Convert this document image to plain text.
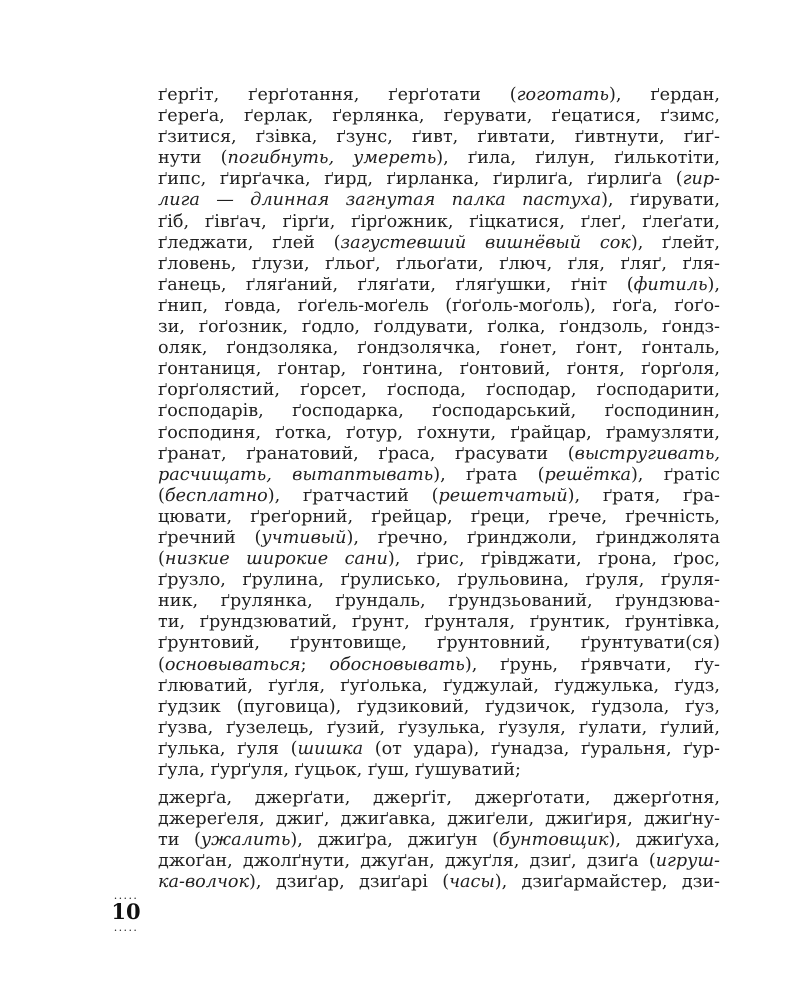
ґерґіт, ґерґотання, ґерґотати (гоготать), ґердан,
ґереґа, ґерлак, ґерлянка, ґерувати, ґецатися, ґзимс,
ґзитися, ґзівка, ґзунс, ґивт, ґивтати, ґивтнути, ґиґ-
нути (погибнуть, умереть), ґила, ґилун, ґилькотіти,
ґипс, ґирґачка, ґирд, ґирланка, ґирлиґа, ґирлиґа (гир-
лига — длинная загнутая палка пастуха), ґирувати,
ґіб, ґівґач, ґірґи, ґірґожник, ґіцкатися, ґлеґ, ґлеґати,
ґледжати, ґлей (загустевший вишнёвый сок), ґлейт,
ґловень, ґлузи, ґльоґ, ґльоґати, ґлюч, ґля, ґляґ, ґля-
ґанець, ґляґаний, ґляґати, ґляґушки, ґніт (фитиль),
ґнип, ґовда, ґоґель-моґель (ґоґоль-моґоль), ґоґа, ґоґо-
зи, ґоґозник, ґодло, ґолдувати, ґолка, ґондзоль, ґондз-
оляк, ґондзоляка, ґондзолячка, ґонет, ґонт, ґонталь,
ґонтаниця, ґонтар, ґонтина, ґонтовий, ґонтя, ґорґоля,
ґорґолястий, ґорсет, ґоспода, ґосподар, ґосподарити,
ґосподарів, ґосподарка, ґосподарський, ґосподинин,
ґосподиня, ґотка, ґотур, ґохнути, ґрайцар, ґрамузляти,
ґранат, ґранатовий, ґраса, ґрасувати (выстругивать,
расчищать, вытаптывать), ґрата (решётка), ґратіс
(бесплатно), ґратчастий (решетчатый), ґратя, ґра-
цювати, ґреґорний, ґрейцар, ґреци, ґрече, ґречність,
ґречний (учтивый), ґречно, ґринджоли, ґринджолята
(низкие широкие сани), ґрис, ґрівджати, ґрона, ґрос,
ґрузло, ґрулина, ґрулисько, ґрульовина, ґруля, ґруля-
ник, ґрулянка, ґрундаль, ґрундзьований, ґрундзюва-
ти, ґрундзюватий, ґрунт, ґрунталя, ґрунтик, ґрунтівка,
ґрунтовий, ґрунтовище, ґрунтовний, ґрунтувати(ся)
(основываться; обосновывать), ґрунь, ґрявчати, ґу-
ґлюватий, ґуґля, ґуґолька, ґуджулай, ґуджулька, ґудз,
ґудзик (пуговица), ґудзиковий, ґудзичок, ґудзола, ґуз,
ґузва, ґузелець, ґузий, ґузулька, ґузуля, ґулати, ґулий,
ґулька, ґуля (шишка (от удара), ґунадза, ґуральня, ґур-
ґула, ґурґуля, ґуцьок, ґуш, ґушуватий;
джерґа, джерґати, джерґіт, джерґотати, джерґотня,
джереґеля, джиґ, джиґавка, джиґели, джиґиря, джиґну-
ти (ужалить), джиґра, джиґун (бунтовщик), джиґуха,
джоґан, джолґнути, джуґан, джуґля, дзиґ, дзиґа (игруш-
ка-волчок), дзиґар, дзиґарі (часы), дзиґармайстер, дзи-
.....
10
.....
